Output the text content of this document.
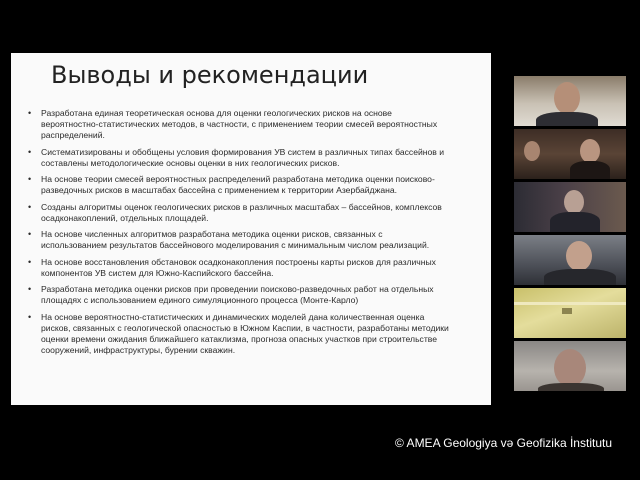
Выводы и рекомендации
• Разработана единая теоретическая основа для оценки геологических рисков на основе вероятностно-статистических методов, в частности, с применением теории смесей вероятностных распределений.
• Систематизированы и обобщены условия формирования УВ систем в различных типах бассейнов и составлены методологические основы оценки в них геологических рисков.
• На основе теории смесей вероятностных распределений разработана методика оценки поисково-разведочных рисков в масштабах бассейна с применением к территории Азербайджана.
• Созданы алгоритмы оценок геологических рисков в различных масштабах – бассейнов, комплексов осадконакоплений, отдельных площадей.
• На основе численных алгоритмов разработана методика оценки рисков, связанных с использованием результатов бассейнового моделирования с минимальным числом реализаций.
• На основе восстановления обстановок осадконакопления построены карты рисков для различных компонентов УВ систем для Южно-Каспийского бассейна.
• Разработана методика оценки рисков при проведении поисково-разведочных работ на отдельных площадях с использованием единого симуляционного процесса (Монте-Карло)
• На основе вероятностно-статистических и динамических моделей дана количественная оценка рисков, связанных с геологической опасностью в Южном Каспии, в частности, разработаны методики оценки времени ожидания ближайшего катаклизма, прогноза опасных участков при строительстве сооружений, инфраструктуры, бурении скважин.
© AMEA Geologiya və Geofizika İnstitutu
